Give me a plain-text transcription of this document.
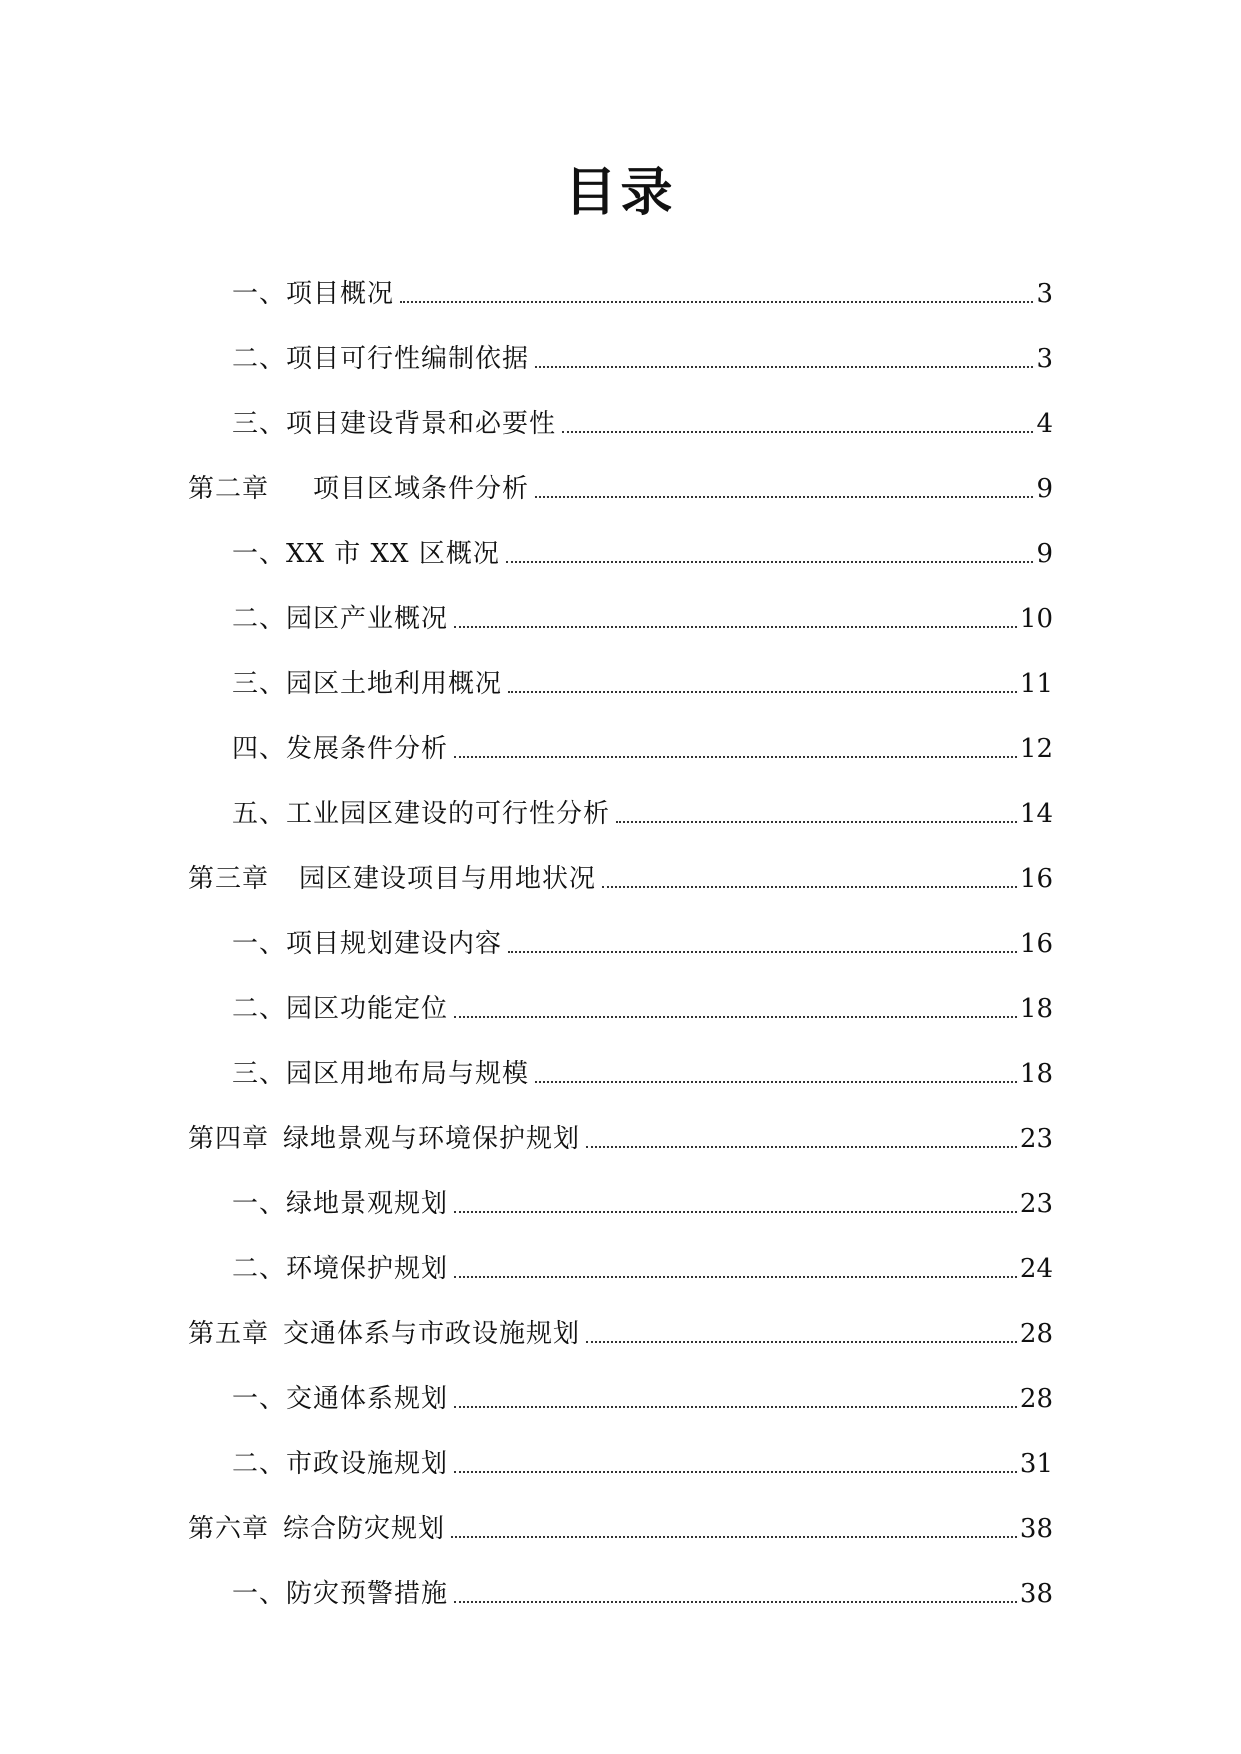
目录
一、项目概况	3
二、项目可行性编制依据	3
三、项目建设背景和必要性	4
第二章 项目区域条件分析	9
一、XX 市 XX 区概况	9
二、园区产业概况	10
三、园区土地利用概况	11
四、发展条件分析	12
五、工业园区建设的可行性分析	14
第三章 园区建设项目与用地状况	16
一、项目规划建设内容	16
二、园区功能定位	18
三、园区用地布局与规模	18
第四章 绿地景观与环境保护规划	23
一、绿地景观规划	23
二、环境保护规划	24
第五章 交通体系与市政设施规划	28
一、交通体系规划	28
二、市政设施规划	31
第六章 综合防灾规划	38
一、防灾预警措施	38
